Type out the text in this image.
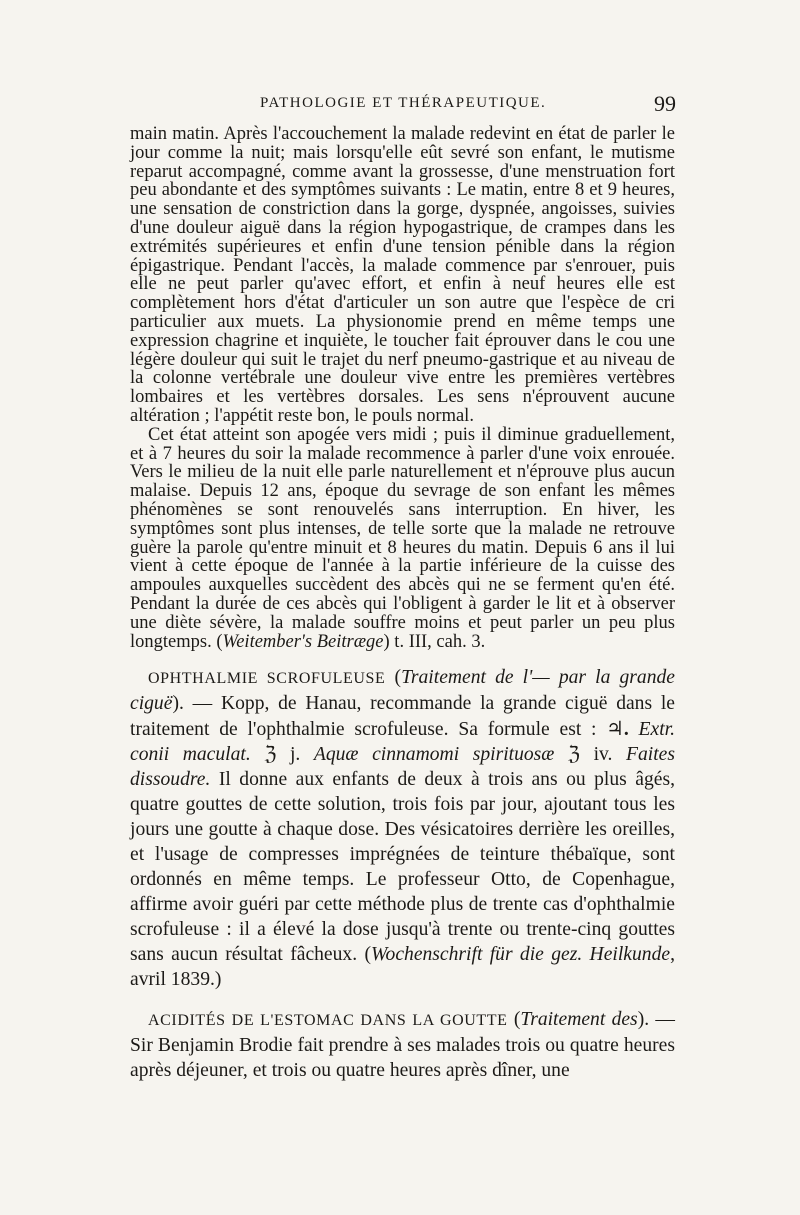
PATHOLOGIE ET THÉRAPEUTIQUE.	99

main matin. Après l'accouchement la malade redevint en état de parler le jour comme la nuit; mais lorsqu'elle eût sevré son enfant, le mutisme reparut accompagné, comme avant la grossesse, d'une menstruation fort peu abondante et des symptômes suivants : Le matin, entre 8 et 9 heures, une sensation de constriction dans la gorge, dyspnée, angoisses, suivies d'une douleur aiguë dans la région hypogastrique, de crampes dans les extrémités supérieures et enfin d'une tension pénible dans la région épigastrique. Pendant l'accès, la malade commence par s'enrouer, puis elle ne peut parler qu'avec effort, et enfin à neuf heures elle est complètement hors d'état d'articuler un son autre que l'espèce de cri particulier aux muets. La physionomie prend en même temps une expression chagrine et inquiète, le toucher fait éprouver dans le cou une légère douleur qui suit le trajet du nerf pneumo-gastrique et au niveau de la colonne vertébrale une douleur vive entre les premières vertèbres lombaires et les vertèbres dorsales. Les sens n'éprouvent aucune altération ; l'appétit reste bon, le pouls normal.

Cet état atteint son apogée vers midi ; puis il diminue graduellement, et à 7 heures du soir la malade recommence à parler d'une voix enrouée. Vers le milieu de la nuit elle parle naturellement et n'éprouve plus aucun malaise. Depuis 12 ans, époque du sevrage de son enfant les mêmes phénomènes se sont renouvelés sans interruption. En hiver, les symptômes sont plus intenses, de telle sorte que la malade ne retrouve guère la parole qu'entre minuit et 8 heures du matin. Depuis 6 ans il lui vient à cette époque de l'année à la partie inférieure de la cuisse des ampoules auxquelles succèdent des abcès qui ne se ferment qu'en été. Pendant la durée de ces abcès qui l'obligent à garder le lit et à observer une diète sévère, la malade souffre moins et peut parler un peu plus longtemps. (Weitember's Beitræge) t. III, cah. 3.

OPHTHALMIE SCROFULEUSE (Traitement de l'— par la grande ciguë). — Kopp, de Hanau, recommande la grande ciguë dans le traitement de l'ophthalmie scrofuleuse. Sa formule est : ♃. Extr. conii maculat. ℨ j. Aquæ cinnamomi spirituosæ ℨ iv. Faites dissoudre. Il donne aux enfants de deux à trois ans ou plus âgés, quatre gouttes de cette solution, trois fois par jour, ajoutant tous les jours une goutte à chaque dose. Des vésicatoires derrière les oreilles, et l'usage de compresses imprégnées de teinture thébaïque, sont ordonnés en même temps. Le professeur Otto, de Copenhague, affirme avoir guéri par cette méthode plus de trente cas d'ophthalmie scrofuleuse : il a élevé la dose jusqu'à trente ou trente-cinq gouttes sans aucun résultat fâcheux. (Wochenschrift für die gez. Heilkunde, avril 1839.)

ACIDITÉS DE L'ESTOMAC DANS LA GOUTTE (Traitement des). — Sir Benjamin Brodie fait prendre à ses malades trois ou quatre heures après déjeuner, et trois ou quatre heures après dîner, une
